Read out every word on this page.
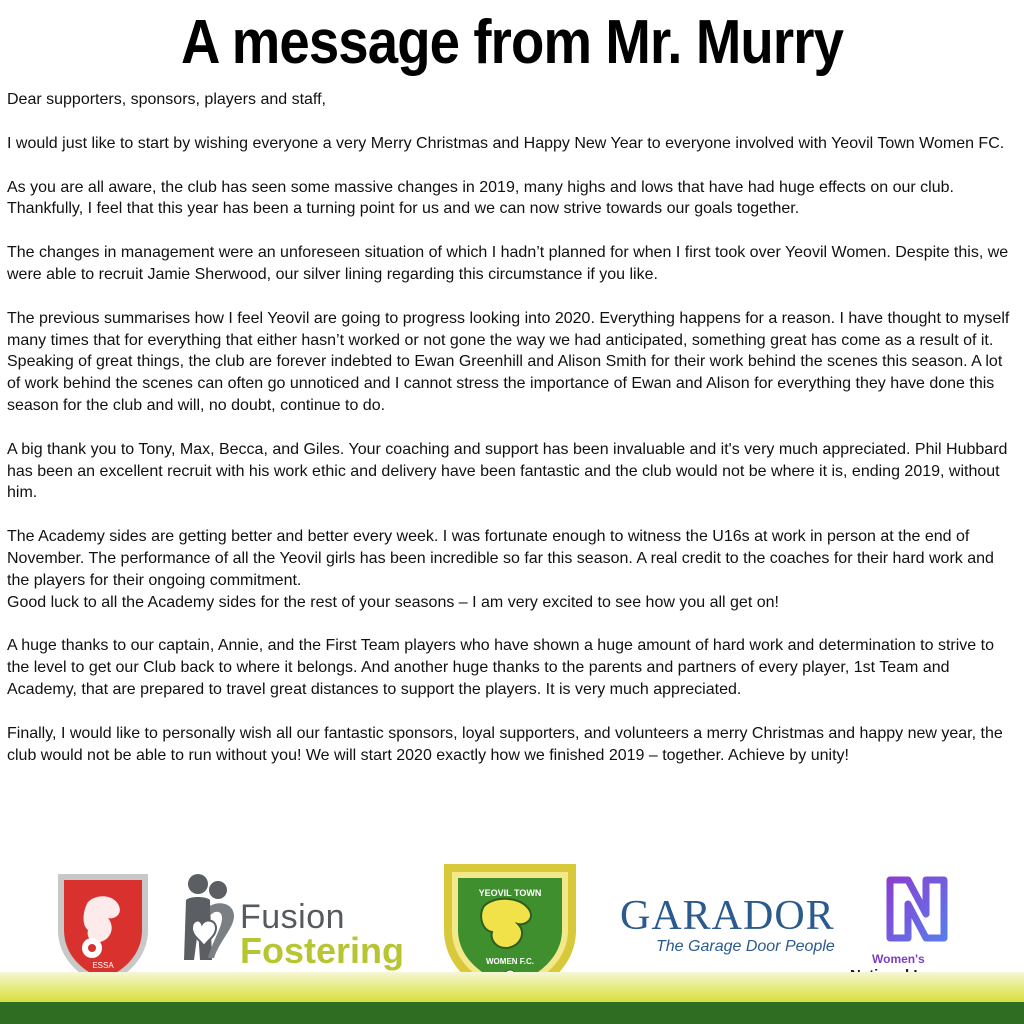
A message from Mr. Murry

Dear supporters, sponsors, players and staff,

I would just like to start by wishing everyone a very Merry Christmas and Happy New Year to everyone involved with Yeovil Town Women FC.

As you are all aware, the club has seen some massive changes in 2019, many highs and lows that have had huge effects on our club. Thankfully, I feel that this year has been a turning point for us and we can now strive towards our goals together.

The changes in management were an unforeseen situation of which I hadn’t planned for when I first took over Yeovil Women. Despite this, we were able to recruit Jamie Sherwood, our silver lining regarding this circumstance if you like.

The previous summarises how I feel Yeovil are going to progress looking into 2020. Everything happens for a reason. I have thought to myself many times that for everything that either hasn’t worked or not gone the way we had anticipated, something great has come as a result of it. Speaking of great things, the club are forever indebted to Ewan Greenhill and Alison Smith for their work behind the scenes this season. A lot of work behind the scenes can often go unnoticed and I cannot stress the importance of Ewan and Alison for everything they have done this season for the club and will, no doubt, continue to do.

A big thank you to Tony, Max, Becca, and Giles. Your coaching and support has been invaluable and it's very much appreciated. Phil Hubbard has been an excellent recruit with his work ethic and delivery have been fantastic and the club would not be where it is, ending 2019, without him.

The Academy sides are getting better and better every week. I was fortunate enough to witness the U16s at work in person at the end of November. The performance of all the Yeovil girls has been incredible so far this season. A real credit to the coaches for their hard work and the players for their ongoing commitment.

Good luck to all the Academy sides for the rest of your seasons – I am very excited to see how you all get on!

A huge thanks to our captain, Annie, and the First Team players who have shown a huge amount of hard work and determination to strive to the level to get our Club back to where it belongs. And another huge thanks to the parents and partners of every player, 1st Team and Academy, that are prepared to travel great distances to support the players. It is very much appreciated.

Finally, I would like to personally wish all our fantastic sponsors, loyal supporters, and volunteers a merry Christmas and happy new year, the club would not be able to run without you! We will start 2020 exactly how we finished 2019 – together. Achieve by unity!

ESSA
Fusion
Fostering
YEOVIL TOWN
WOMEN F.C.
GARADOR
The Garage Door People
Women's
